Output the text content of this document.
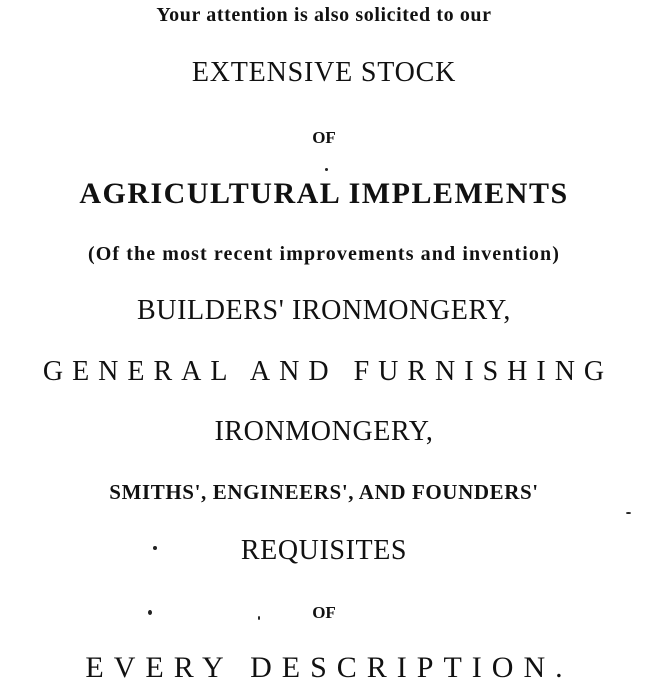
Your attention is also solicited to our
EXTENSIVE STOCK
OF
AGRICULTURAL IMPLEMENTS
(Of the most recent improvements and invention)
BUILDERS' IRONMONGERY,
GENERAL AND FURNISHING
IRONMONGERY,
SMITHS', ENGINEERS', AND FOUNDERS'
REQUISITES
OF
EVERY DESCRIPTION.
